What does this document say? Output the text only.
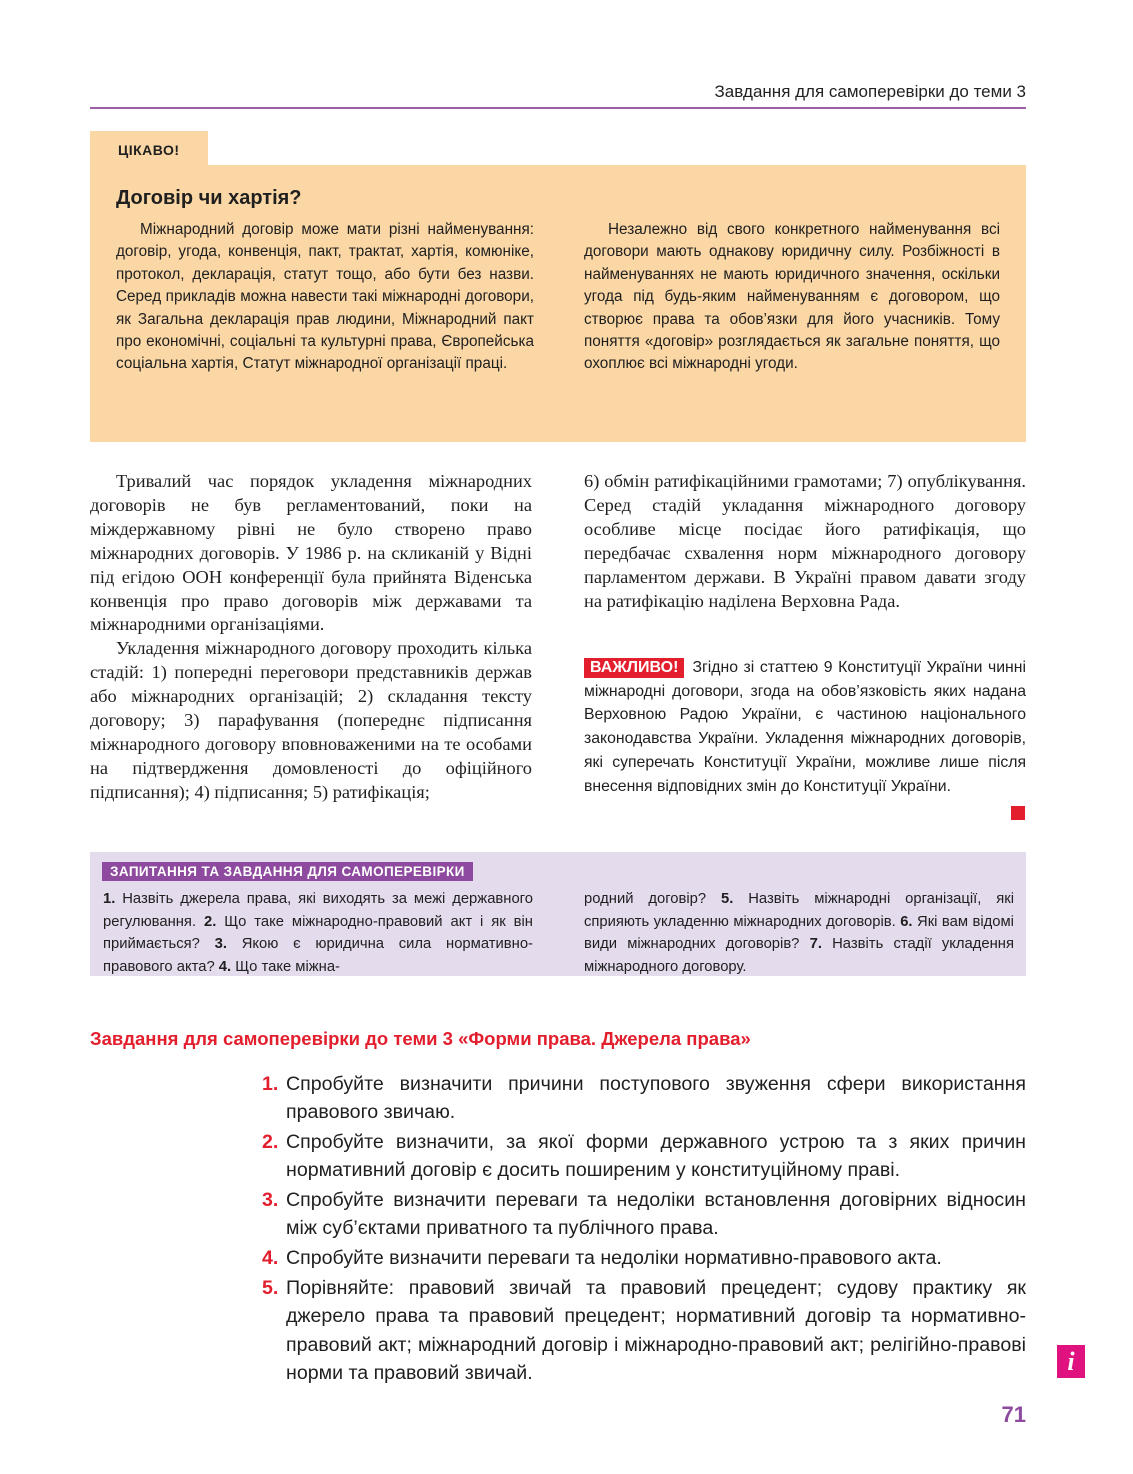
Завдання для самоперевірки до теми 3
ЦІКАВО!
Договір чи хартія?
Міжнародний договір може мати різні найменування: договір, угода, конвенція, пакт, трактат, хартія, комюніке, протокол, декларація, статут тощо, або бути без назви. Серед прикладів можна навести такі міжнародні договори, як Загальна декларація прав людини, Міжнародний пакт про економічні, соціальні та культурні права, Європейська соціальна хартія, Статут міжнародної організації праці.
Незалежно від свого конкретного найменування всі договори мають однакову юридичну силу. Розбіжності в найменуваннях не мають юридичного значення, оскільки угода під будь-яким найменуванням є договором, що створює права та обов’язки для його учасників. Тому поняття «договір» розглядається як загальне поняття, що охоплює всі міжнародні угоди.

Тривалий час порядок укладення міжнародних договорів не був регламентований, поки на міждержавному рівні не було створено право міжнародних договорів. У 1986 р. на скликаній у Відні під егідою ООН конференції була прийнята Віденська конвенція про право договорів між державами та міжнародними організаціями.

Укладення міжнародного договору проходить кілька стадій: 1) попередні переговори представників держав або міжнародних організацій; 2) складання тексту договору; 3) парафування (попереднє підписання міжнародного договору вповноваженими на те особами на підтвердження домовленості до офіційного підписання); 4) підписання; 5) ратифікація;

6) обмін ратифікаційними грамотами; 7) опублікування. Серед стадій укладання міжнародного договору особливе місце посідає його ратифікація, що передбачає схвалення норм міжнародного договору парламентом держави. В Україні правом давати згоду на ратифікацію наділена Верховна Рада.

ВАЖЛИВО! Згідно зі статтею 9 Конституції України чинні міжнародні договори, згода на обов’язковість яких надана Верховною Радою України, є частиною національного законодавства України. Укладення міжнародних договорів, які суперечать Конституції України, можливе лише після внесення відповідних змін до Конституції України.
ЗАПИТАННЯ ТА ЗАВДАННЯ ДЛЯ САМОПЕРЕВІРКИ
1. Назвіть джерела права, які виходять за межі державного регулювання. 2. Що таке міжнародно-правовий акт і як він приймається? 3. Якою є юридична сила нормативно-правового акта? 4. Що таке міжна-
родний договір? 5. Назвіть міжнародні організації, які сприяють укладенню міжнародних договорів. 6. Які вам відомі види міжнародних договорів? 7. Назвіть стадії укладення міжнародного договору.
Завдання для самоперевірки до теми 3 «Форми права. Джерела права»
1. Спробуйте визначити причини поступового звуження сфери використання правового звичаю.
2. Спробуйте визначити, за якої форми державного устрою та з яких причин нормативний договір є досить поширеним у конституційному праві.
3. Спробуйте визначити переваги та недоліки встановлення договірних відносин між суб’єктами приватного та публічного права.
4. Спробуйте визначити переваги та недоліки нормативно-правового акта.
5. Порівняйте: правовий звичай та правовий прецедент; судову практику як джерело права та правовий прецедент; нормативний договір та нормативно-правовий акт; міжнародний договір і міжнародно-правовий акт; релігійно-правові норми та правовий звичай.	i
71
